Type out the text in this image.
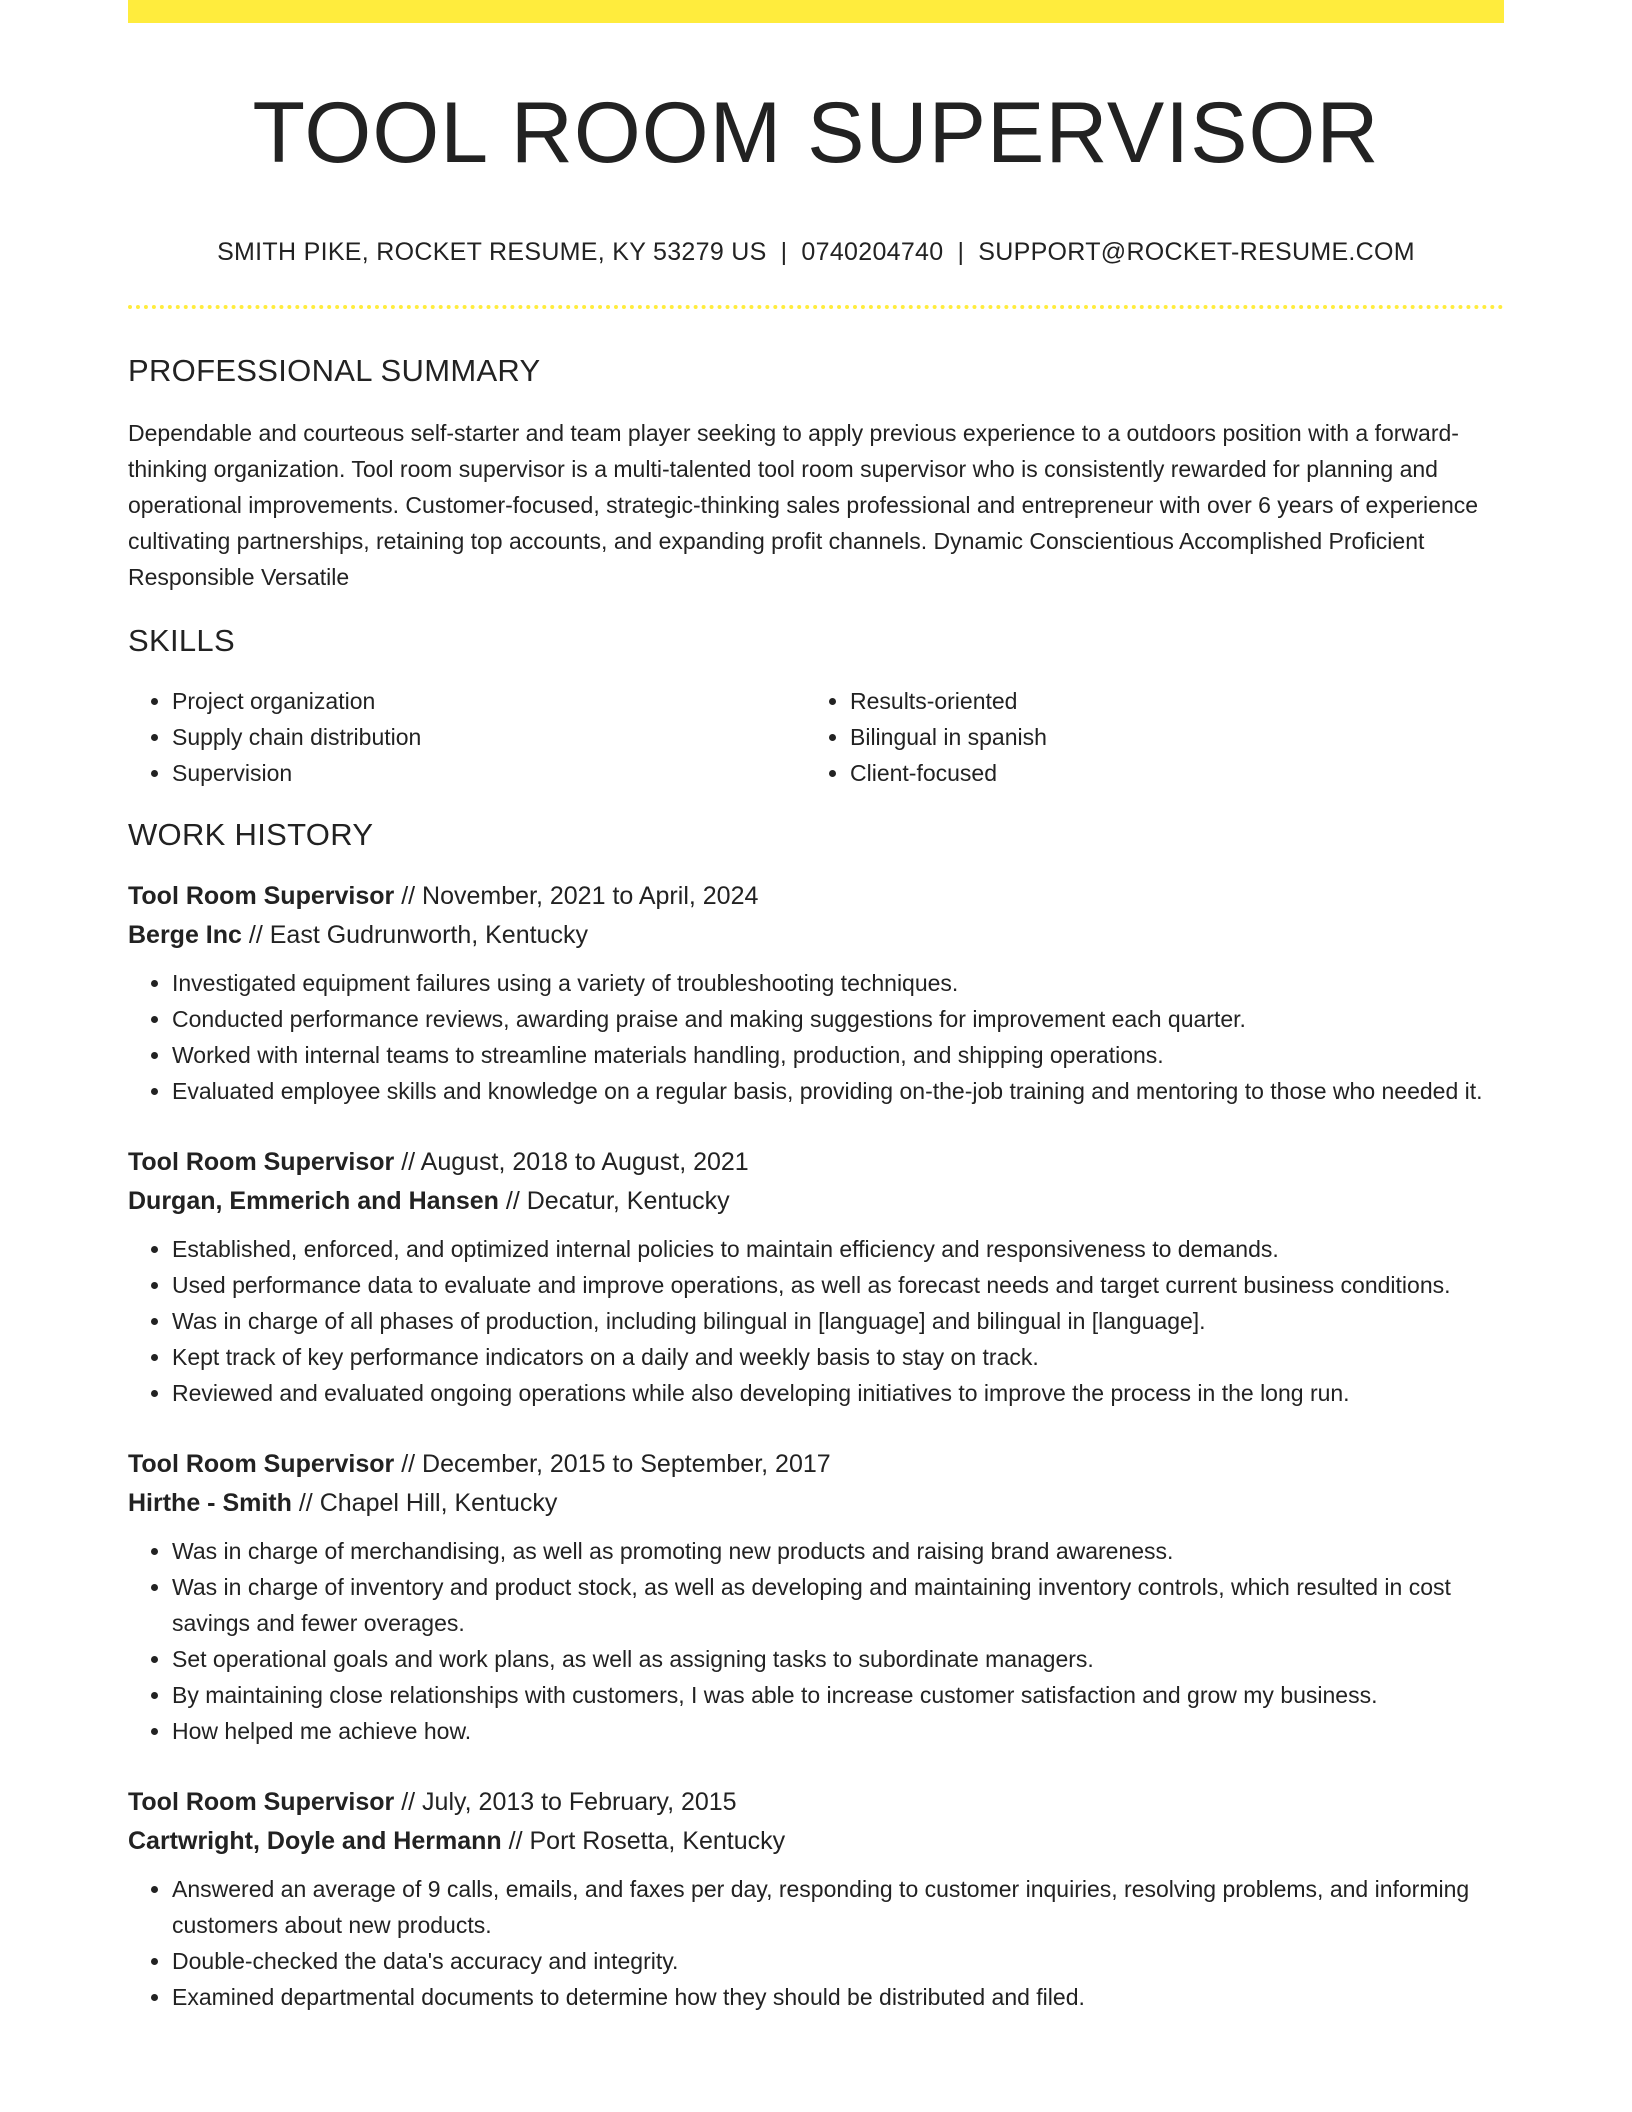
TOOL ROOM SUPERVISOR
SMITH PIKE, ROCKET RESUME, KY 53279 US | 0740204740 | SUPPORT@ROCKET-RESUME.COM
PROFESSIONAL SUMMARY
Dependable and courteous self-starter and team player seeking to apply previous experience to a outdoors position with a forward-thinking organization. Tool room supervisor is a multi-talented tool room supervisor who is consistently rewarded for planning and operational improvements. Customer-focused, strategic-thinking sales professional and entrepreneur with over 6 years of experience cultivating partnerships, retaining top accounts, and expanding profit channels. Dynamic Conscientious Accomplished Proficient Responsible Versatile
SKILLS
• Project organization
• Supply chain distribution
• Supervision
• Results-oriented
• Bilingual in spanish
• Client-focused
WORK HISTORY
Tool Room Supervisor // November, 2021 to April, 2024
Berge Inc // East Gudrunworth, Kentucky
• Investigated equipment failures using a variety of troubleshooting techniques.
• Conducted performance reviews, awarding praise and making suggestions for improvement each quarter.
• Worked with internal teams to streamline materials handling, production, and shipping operations.
• Evaluated employee skills and knowledge on a regular basis, providing on-the-job training and mentoring to those who needed it.
Tool Room Supervisor // August, 2018 to August, 2021
Durgan, Emmerich and Hansen // Decatur, Kentucky
• Established, enforced, and optimized internal policies to maintain efficiency and responsiveness to demands.
• Used performance data to evaluate and improve operations, as well as forecast needs and target current business conditions.
• Was in charge of all phases of production, including bilingual in [language] and bilingual in [language].
• Kept track of key performance indicators on a daily and weekly basis to stay on track.
• Reviewed and evaluated ongoing operations while also developing initiatives to improve the process in the long run.
Tool Room Supervisor // December, 2015 to September, 2017
Hirthe - Smith // Chapel Hill, Kentucky
• Was in charge of merchandising, as well as promoting new products and raising brand awareness.
• Was in charge of inventory and product stock, as well as developing and maintaining inventory controls, which resulted in cost savings and fewer overages.
• Set operational goals and work plans, as well as assigning tasks to subordinate managers.
• By maintaining close relationships with customers, I was able to increase customer satisfaction and grow my business.
• How helped me achieve how.
Tool Room Supervisor // July, 2013 to February, 2015
Cartwright, Doyle and Hermann // Port Rosetta, Kentucky
• Answered an average of 9 calls, emails, and faxes per day, responding to customer inquiries, resolving problems, and informing customers about new products.
• Double-checked the data's accuracy and integrity.
• Examined departmental documents to determine how they should be distributed and filed.
